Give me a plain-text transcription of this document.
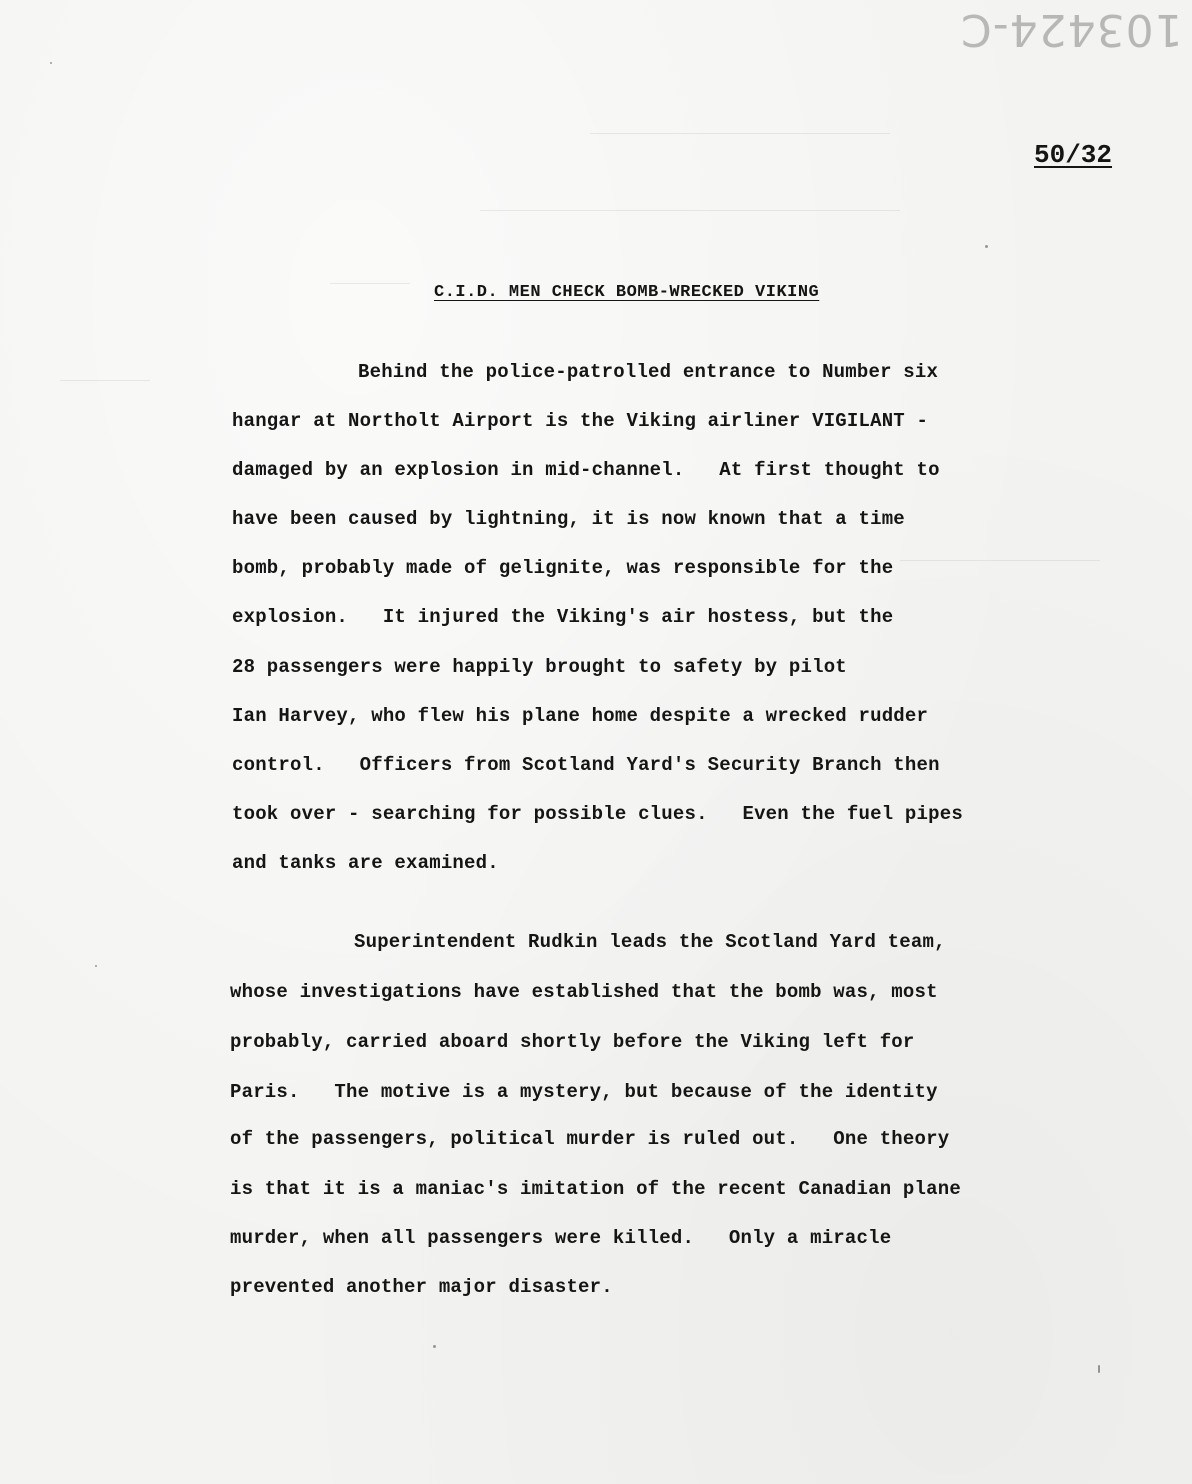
103424-C
50/32
C.I.D. MEN CHECK BOMB-WRECKED VIKING
Behind the police-patrolled entrance to Number six
hangar at Northolt Airport is the Viking airliner VIGILANT -
damaged by an explosion in mid-channel.   At first thought to
have been caused by lightning, it is now known that a time
bomb, probably made of gelignite, was responsible for the
explosion.   It injured the Viking's air hostess, but the
28 passengers were happily brought to safety by pilot
Ian Harvey, who flew his plane home despite a wrecked rudder
control.   Officers from Scotland Yard's Security Branch then
took over - searching for possible clues.   Even the fuel pipes
and tanks are examined.
Superintendent Rudkin leads the Scotland Yard team,
whose investigations have established that the bomb was, most
probably, carried aboard shortly before the Viking left for
Paris.   The motive is a mystery, but because of the identity
of the passengers, political murder is ruled out.   One theory
is that it is a maniac's imitation of the recent Canadian plane
murder, when all passengers were killed.   Only a miracle
prevented another major disaster.
